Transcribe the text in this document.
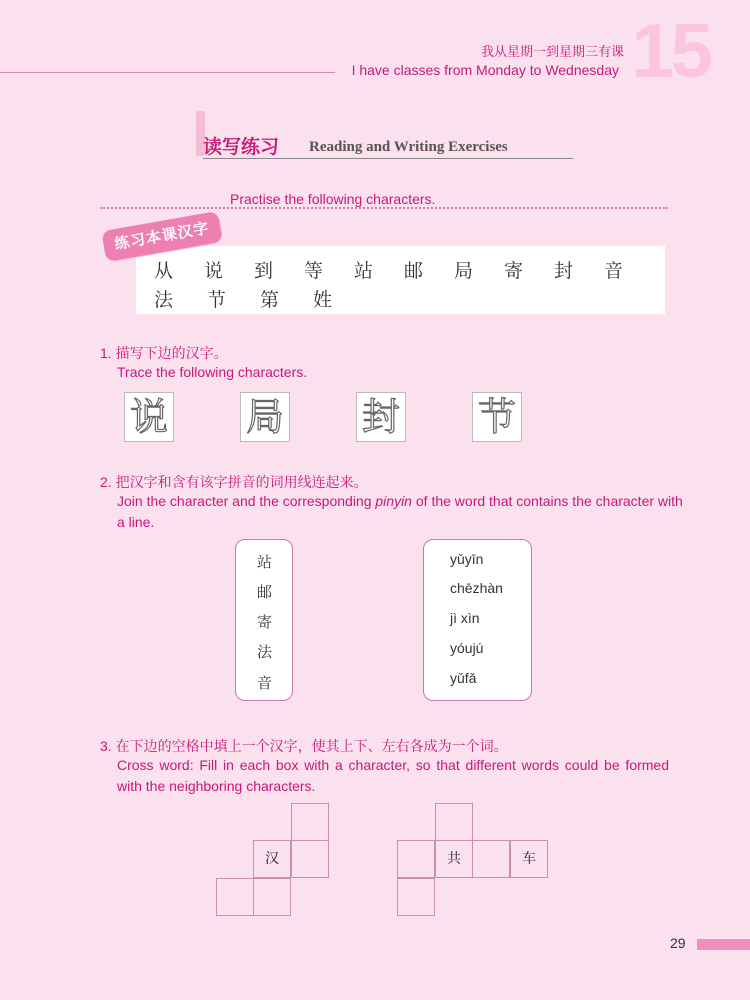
我从星期一到星期三有课
I have classes from Monday to Wednesday 15
读写练习 Reading and Writing Exercises
Practise the following characters.
练习本课汉字
从	说	到	等	站	邮	局	寄	封	音
法	节	第	姓
1. 描写下边的汉字。
Trace the following characters.
说 局 封 节
2. 把汉字和含有该字拼音的词用线连起来。
Join the character and the corresponding pinyin of the word that contains the character with a line.
站
邮
寄
法
音
yǔyīn
chēzhàn
jì xìn
yóujú
yǔfǎ
3. 在下边的空格中填上一个汉字，使其上下、左右各成为一个词。
Cross word: Fill in each box with a character, so that different words could be formed with the neighboring characters.
汉	共	车
29
